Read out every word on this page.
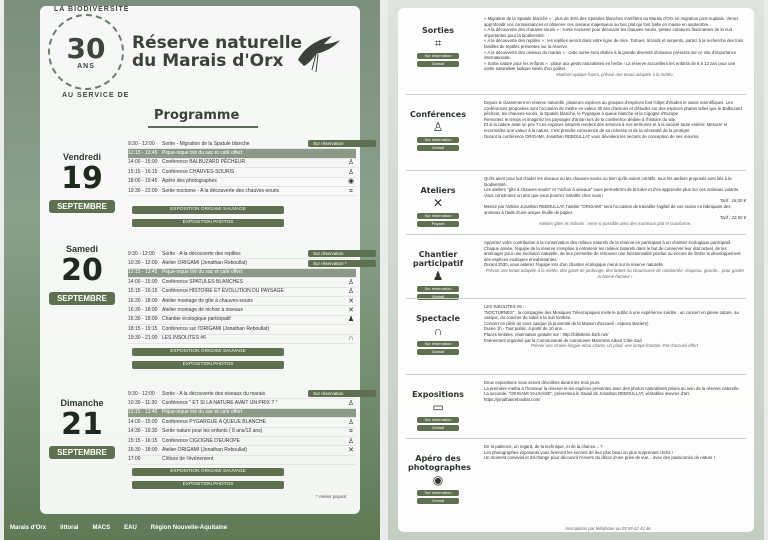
30
ANS
LA BIODIVERSITÉ
AU SERVICE DE
Réserve naturelle
du Marais d'Orx
Programme
Vendredi
19
SEPTEMBRE
9:30 - 12:00	Sortie - Migration de la Spatule blanche
12:15 - 13:45 Pique-nique tiré du sac et café offert
14:00 - 15:00 Conférence BALBUZARD PÊCHEUR	♙
15:15 - 16:15 Conférence CHAUVES-SOURIS	♙
18:00 - 19:45 Apéro des photographes	◉
19:30 - 22:00 Sortie nocturne - A la découverte des chauves-souris	⌗
Sur réservation
EXPOSITION ORIGAMI SAUVAGE
EXPOSITION PHOTOS
Samedi
20
SEPTEMBRE
9:30 - 12:00	Sortie - A la découverte des reptiles
10:30 - 12:00 Atelier ORIGAMI (Jonathan Reboullat)
12:15 - 13:45 Pique-nique tiré du sac et café offert
14:00 - 15:00 Conférence SPATULES BLANCHES	♙
15:15 - 16:15 Conférence HISTOIRE ET ÉVOLUTION DU PAYSAGE	♙
16:30 - 18:00 Atelier montage de gîte à chauves-souris	✕
16:30 - 18:00 Atelier montage de nichoir à oiseaux	✕
16:30 - 18:00 Chantier écologique participatif	♟
18:15 - 19:15 Conférence sur l'ORIGAMI (Jonathan Reboullat)
19:30 - 21:00 LES INSOLITES #6	∩
Sur réservation
Sur réservation *
EXPOSITION ORIGAMI SAUVAGE
EXPOSITION PHOTOS
Dimanche
21
SEPTEMBRE
9:30 - 12:00	Sortie - A la découverte des oiseaux du marais
10:30 - 11:30 Conférence " ET SI LA NATURE AVAIT UN PRIX ? "	♙
12:15 - 13:45 Pique-nique tiré du sac et café offert
14:00 - 15:00 Conférence PYGARGUE A QUEUE BLANCHE	♙
14:30 - 16:30 Sortie nature pour les enfants ( 8 ans/12 ans)	⌗
15:15 - 16:15 Conférence CIGOGNE D'EUROPE	♙
16:30 - 18:00 Atelier ORIGAMI (Jonathan Reboullat)	✕
17:00	Clôture de l'évènement
Sur réservation
EXPOSITION ORIGAMI SAUVAGE
EXPOSITION PHOTOS
* Atelier payant
Marais d'Orx littoral MACS EAU Région Nouvelle-Aquitaine
Sorties
⌗
Sur réservation
Gratuit
« Migration de la Spatule blanche » : plus de 30% des Spatules blanches s'arrêtent au Marais d'Orx en migration post-nuptiale. Venez approfondir vos connaissances et observer ces oiseaux majestueux au bec plat qui font halte en masse en septembre.
« A la découverte des chauves-souris » : sortie nocturne pour découvrir les chauves-souris, petites créatures fascinantes de la nuit importantes pour la biodiversité.
« A la découverte des reptiles » : les reptiles seront dans votre ligne de mire. Tortues, lézards et serpents, partez à la recherche des trois familles de reptiles présentes sur la réserve.
« A la découverte des oiseaux du marais » : cette sortie sera dédiée à la grande diversité d'oiseaux présents sur ce site d'importance internationale.
« Sortie nature pour les enfants » : place aux petits naturalistes en herbe ! La réserve accueillera les enfants de 8 à 12 ans pour une sortie naturaliste ludique suivie d'un goûter.
Matériel optique fourni, prévoir une tenue adaptée à la météo.
Conférences
♙
Sur réservation
Gratuit
Depuis le classement en réserve naturelle, plusieurs espèces au groupes d'espèces font l'objet d'études et suivis scientifiques. Les conférences proposées sont l'occasion de mettre en valeur 30 ans d'actions et d'études sur des espèces phares telles que le Balbuzard pêcheur, les chauves-souris, la Spatule blanche, le Pygargue à queue blanche et la Cigogne d'Europe.
Remontez le temps et imaginez les paysages d'antan lors de la conférence dédiée à l'histoire du site.
Et si la nature avait un prix ? Les espaces naturels rendent des services à nos territoires et à la société toute entière. Mesurer et reconnaître une valeur à la nature, c'est prendre conscience de sa richesse et de la nécessité de la protéger.
Durant la conférence ORIGAMI, Jonathan REBOULLAT vous dévoilera les secrets de conception de ses œuvres.
Ateliers
✕
Sur réservation
Payant
Qu'ils aient pour but d'aider les oiseaux ou les chauves-souris ou bien qu'ils soient créatifs, tous les ateliers proposés sont liés à la biodiversité.
Les ateliers "gîte à chauves-souris" et "nichoir à oiseaux" vous permettront de bricoler et d'en apprendre plus sur ces animaux volants. Vous construirez un abri que vous pourrez installer chez vous !
Tarif : 18,00 €
Menez par l'artiste Jonathan REBOULLAT, l'atelier "ORIGAMI" sera l'occasion de travailler l'agilité de vos mains en fabriquant des animaux à l'aide d'une unique feuille de papier.
Tarif : 22,50 €
Ateliers gîtes et nichoirs : venir si possible avec des marteaux plat et cruciforme.
Chantier participatif
♟
Sur réservation
Gratuit
Apportez votre contribution à la conservation des milieux naturels de la réserve en participant à un chantier écologique participatif.
Chaque année, l'équipe de la réserve s'emploie à entretenir les milieux naturels dans le but de conserver leur état actuel, de les aménager pour une évolution naturelle, de leur permettre de retrouver une fonctionnalité perdue ou encore de limiter le développement des espèces exotiques envahissantes.
Durant 2h30, vous aiderez l'équipe lors d'un chantier écologique mené sur la réserve naturelle.
Prévoir une tenue adaptée à la météo, des gants de jardinage, des bottes ou chaussures de randonnée, chapeau, gourde... pour garder la bonne humeur !
Spectacle
∩
Sur réservation
Gratuit
LES INSOLITES #6 :
"NOCTURNES" : la compagnie des Musiques Télescopiques invite le public à une expérience inédite : un concert en pleine nature, au casque, du coucher du soleil à la nuit tombée.
Concert en plein air sous casque (à proximité de la Maison d'accueil - espace Bazière)
Durée 1h - Tout public, à partir de 10 ans.
Places limitées, réservation gratuite sur : http://billetterie.bsrb.net/
Evènement organisé par la Communauté de communes Maremne Adour Côte-Sud
Prévoir une chaise longue et/ou chaise, un plaid, une lampe frontale. Pot d'accueil offert.
Expositions
▭
Sur réservation
Gratuit
Deux expositions vous seront dévoilées durant les trois jours.
La première mettra à l'honneur la réserve et les espèces présentes avec des photos naturalistes prises au sein de la réserve naturelle.
La seconde, "ORIGAMI SAUVAGE", présentera le travail de Jonathan REBOULLAT, véritables œuvres d'art.
https://jonathanreboullat.com/
Apéro des photographes
◉
Sur réservation
Gratuit
De la patience, un regard, de la technique, et de la chance... ?
Les photographes exposants vous livreront les secrets de leur plus beau ou plus surprenant cliché !
Un moment convivial et d'échange pour découvrir l'envers du décor d'une prise de vue... avec des passionnés de nature !
Inscriptions par téléphone au 05 59 42 43 46
